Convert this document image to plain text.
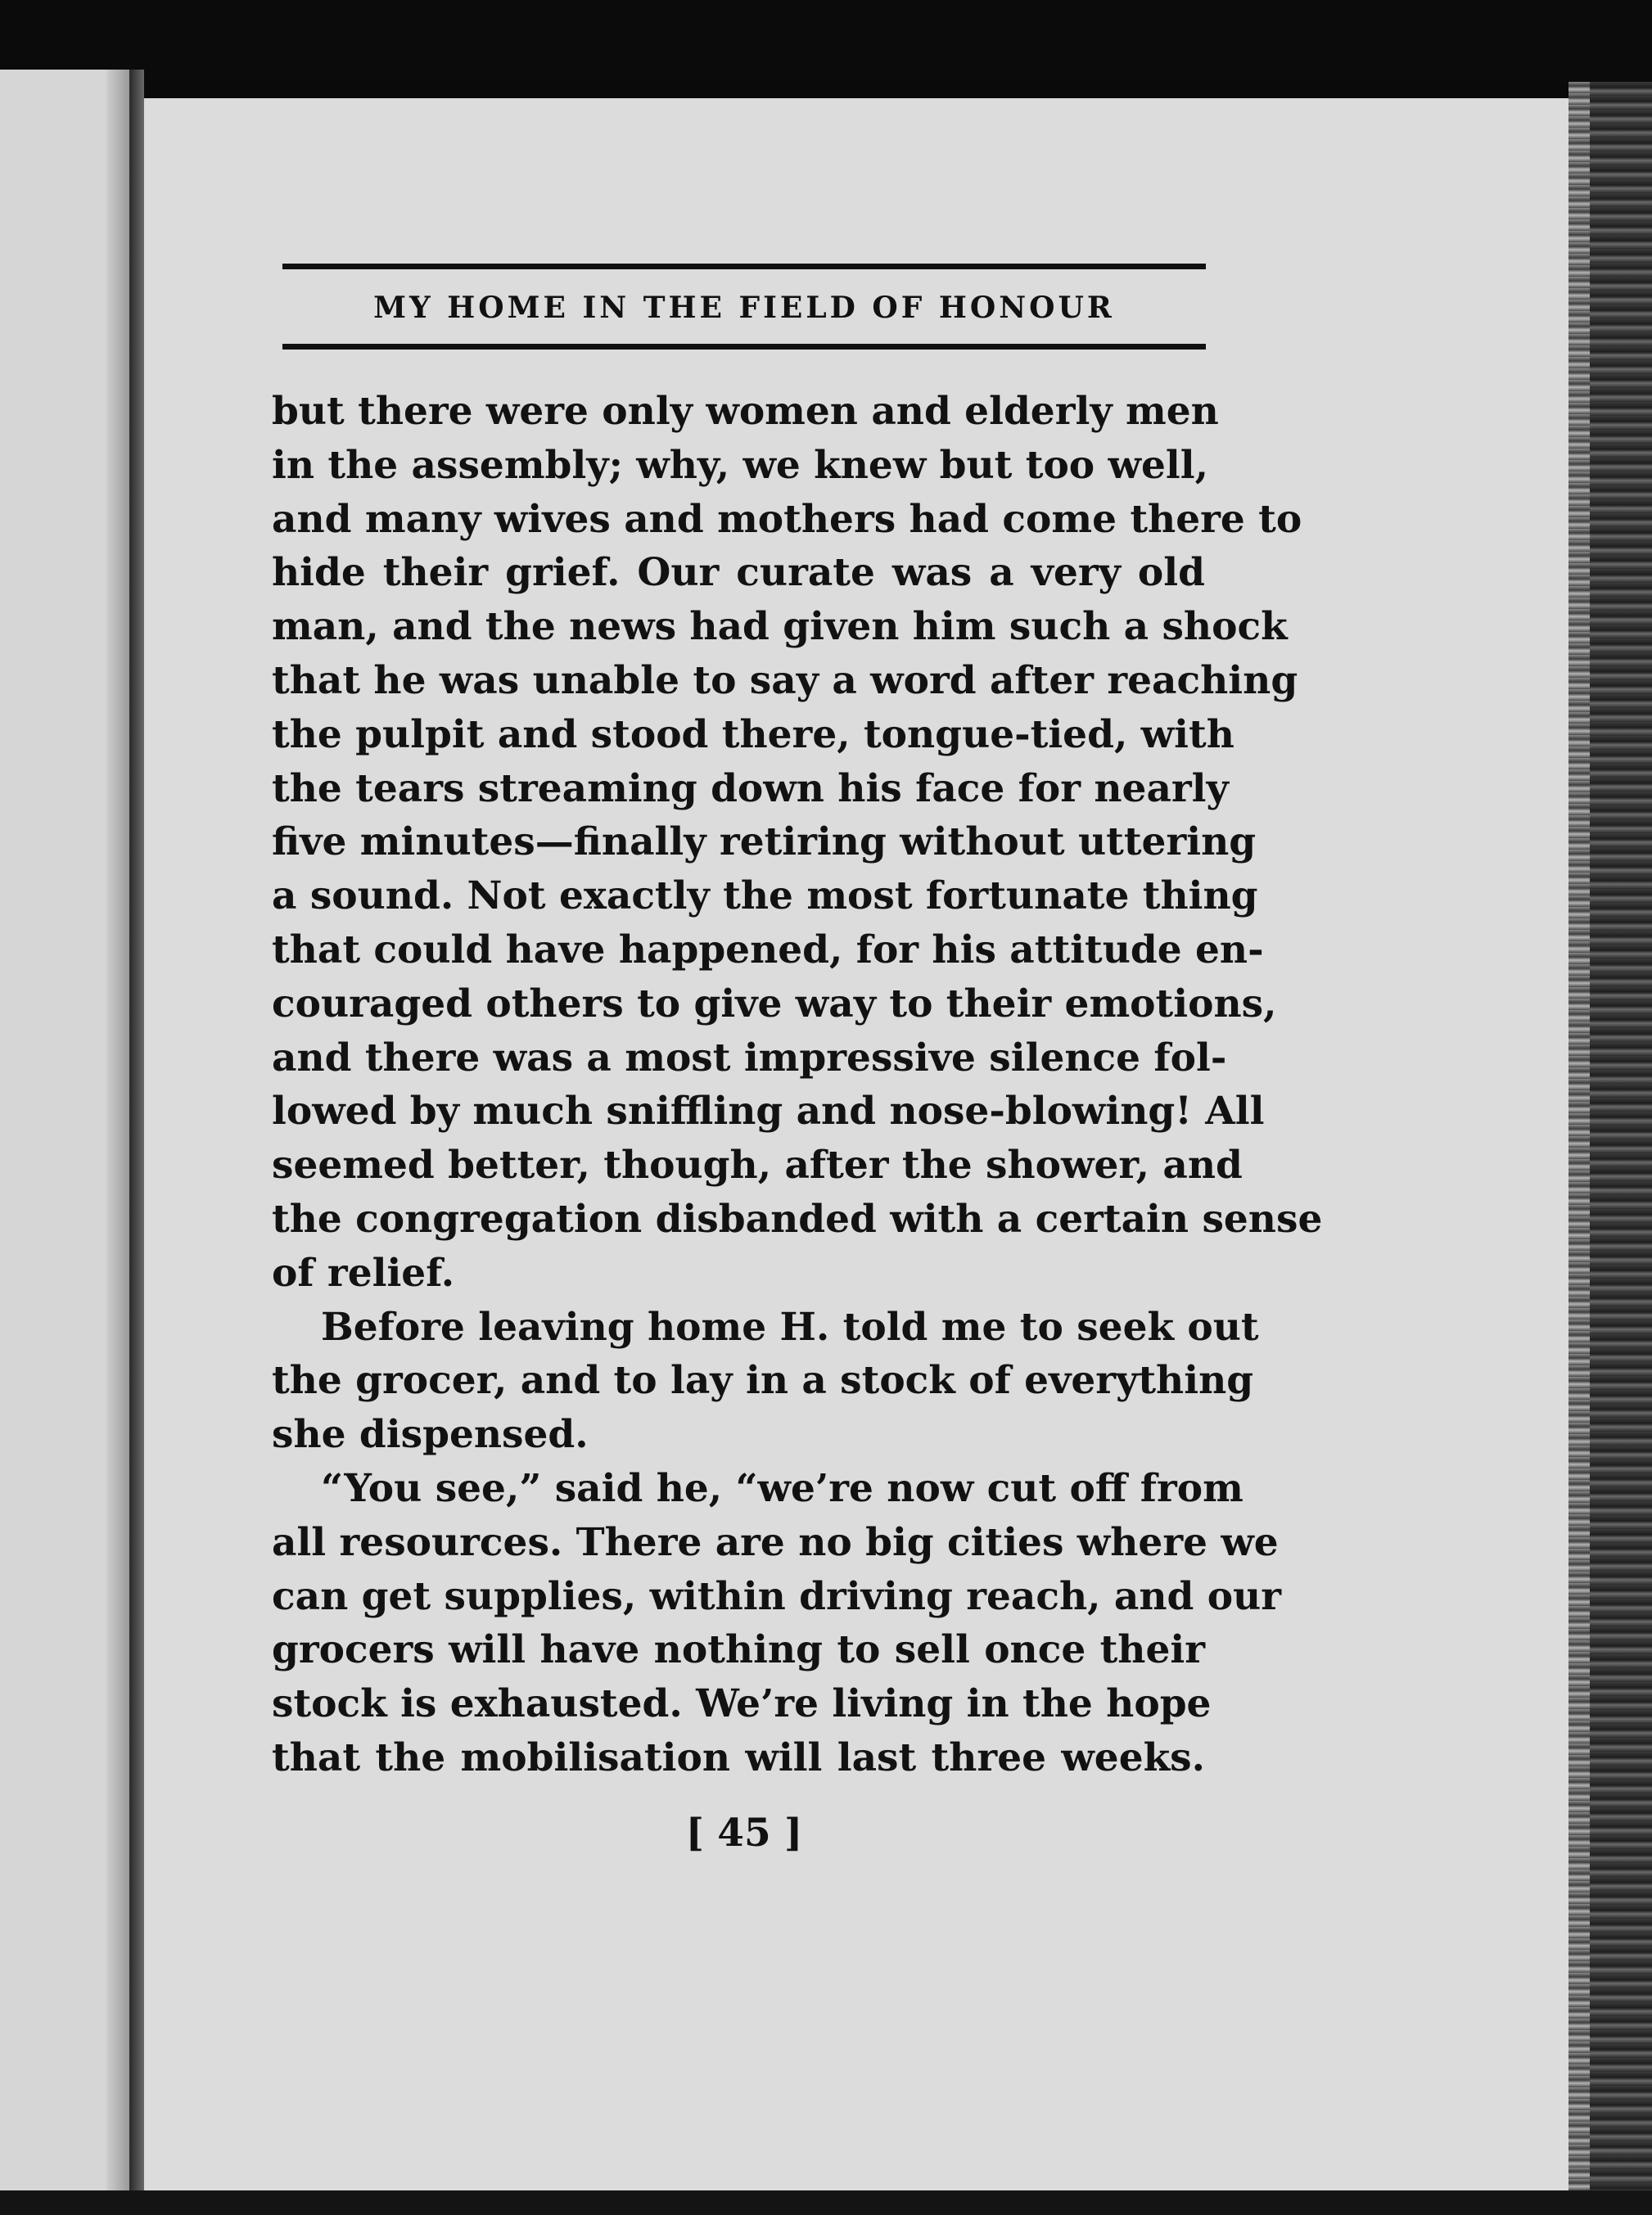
MY HOME IN THE FIELD OF HONOUR
but there were only women and elderly men
in the assembly; why, we knew but too well,
and many wives and mothers had come there to
hide their grief. Our curate was a very old
man, and the news had given him such a shock
that he was unable to say a word after reaching
the pulpit and stood there, tongue-tied, with
the tears streaming down his face for nearly
five minutes—finally retiring without uttering
a sound. Not exactly the most fortunate thing
that could have happened, for his attitude en-
couraged others to give way to their emotions,
and there was a most impressive silence fol-
lowed by much sniffling and nose-blowing! All
seemed better, though, after the shower, and
the congregation disbanded with a certain sense
of relief.
Before leaving home H. told me to seek out
the grocer, and to lay in a stock of everything
she dispensed.
“You see,” said he, “we’re now cut off from
all resources. There are no big cities where we
can get supplies, within driving reach, and our
grocers will have nothing to sell once their
stock is exhausted. We’re living in the hope
that the mobilisation will last three weeks.
[ 45 ]
